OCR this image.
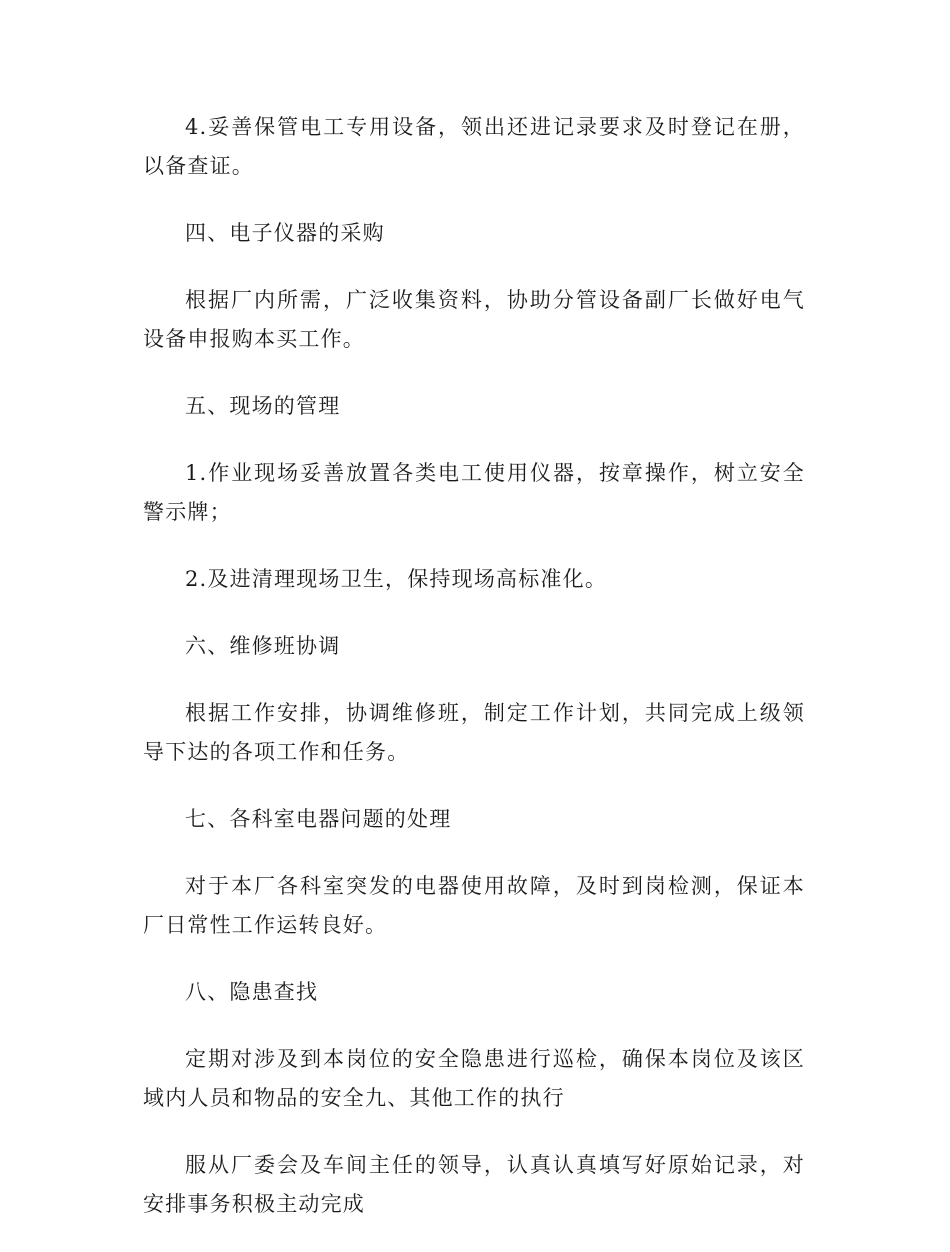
4.妥善保管电工专用设备，领出还进记录要求及时登记在册，以备查证。

四、电子仪器的采购

根据厂内所需，广泛收集资料，协助分管设备副厂长做好电气设备申报购本买工作。

五、现场的管理

1.作业现场妥善放置各类电工使用仪器，按章操作，树立安全警示牌；

2.及进清理现场卫生，保持现场高标准化。

六、维修班协调

根据工作安排，协调维修班，制定工作计划，共同完成上级领导下达的各项工作和任务。

七、各科室电器问题的处理

对于本厂各科室突发的电器使用故障，及时到岗检测，保证本厂日常性工作运转良好。

八、隐患查找

定期对涉及到本岗位的安全隐患进行巡检，确保本岗位及该区域内人员和物品的安全九、其他工作的执行

服从厂委会及车间主任的领导，认真认真填写好原始记录，对安排事务积极主动完成
